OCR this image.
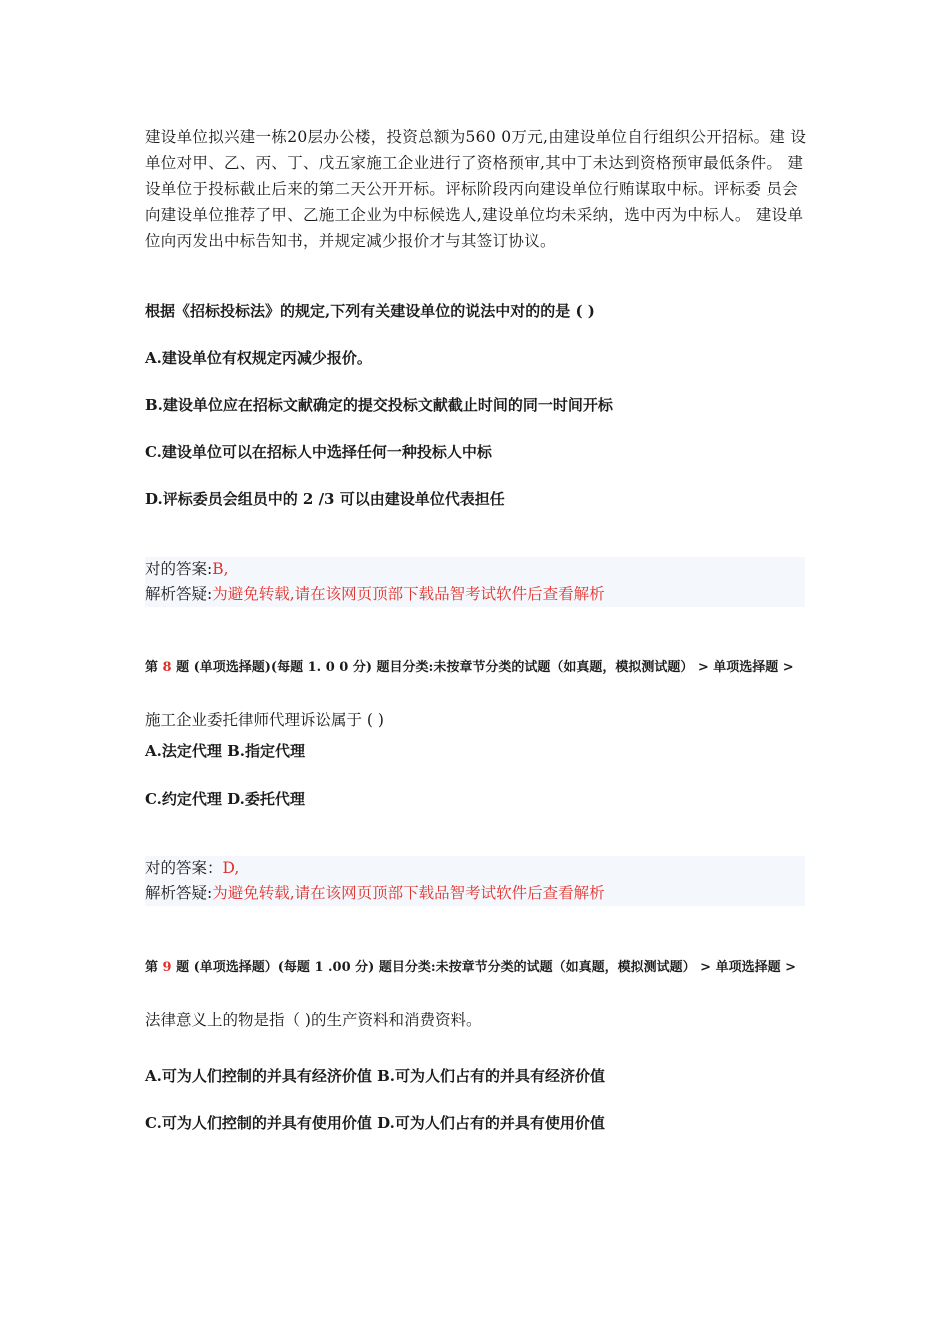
建设单位拟兴建一栋20层办公楼，投资总额为560 0万元,由建设单位自行组织公开招标。建 设单位对甲、乙、丙、丁、戊五家施工企业进行了资格预审,其中丁未达到资格预审最低条件。 建设单位于投标截止后来的第二天公开开标。评标阶段丙向建设单位行贿谋取中标。评标委 员会向建设单位推荐了甲、乙施工企业为中标候选人,建设单位均未采纳，选中丙为中标人。 建设单位向丙发出中标告知书，并规定减少报价才与其签订协议。

根据《招标投标法》的规定,下列有关建设单位的说法中对的的是 ( )

A.建设单位有权规定丙减少报价。

B.建设单位应在招标文献确定的提交投标文献截止时间的同一时间开标

C.建设单位可以在招标人中选择任何一种投标人中标

D.评标委员会组员中的 2 /3 可以由建设单位代表担任

对的答案:B,
解析答疑:为避免转载,请在该网页顶部下载品智考试软件后查看解析
第 8 题 (单项选择题)(每题 1. 0 0 分) 题目分类:未按章节分类的试题（如真题，模拟测试题） > 单项选择题 >
施工企业委托律师代理诉讼属于 ( )

A.法定代理 B.指定代理

C.约定代理 D.委托代理

对的答案：D,
解析答疑:为避免转载,请在该网页顶部下载品智考试软件后查看解析
第 9 题 (单项选择题）(每题 1 .00 分) 题目分类:未按章节分类的试题（如真题，模拟测试题） > 单项选择题 >
法律意义上的物是指（ )的生产资料和消费资料。

A.可为人们控制的并具有经济价值 B.可为人们占有的并具有经济价值

C.可为人们控制的并具有使用价值 D.可为人们占有的并具有使用价值
